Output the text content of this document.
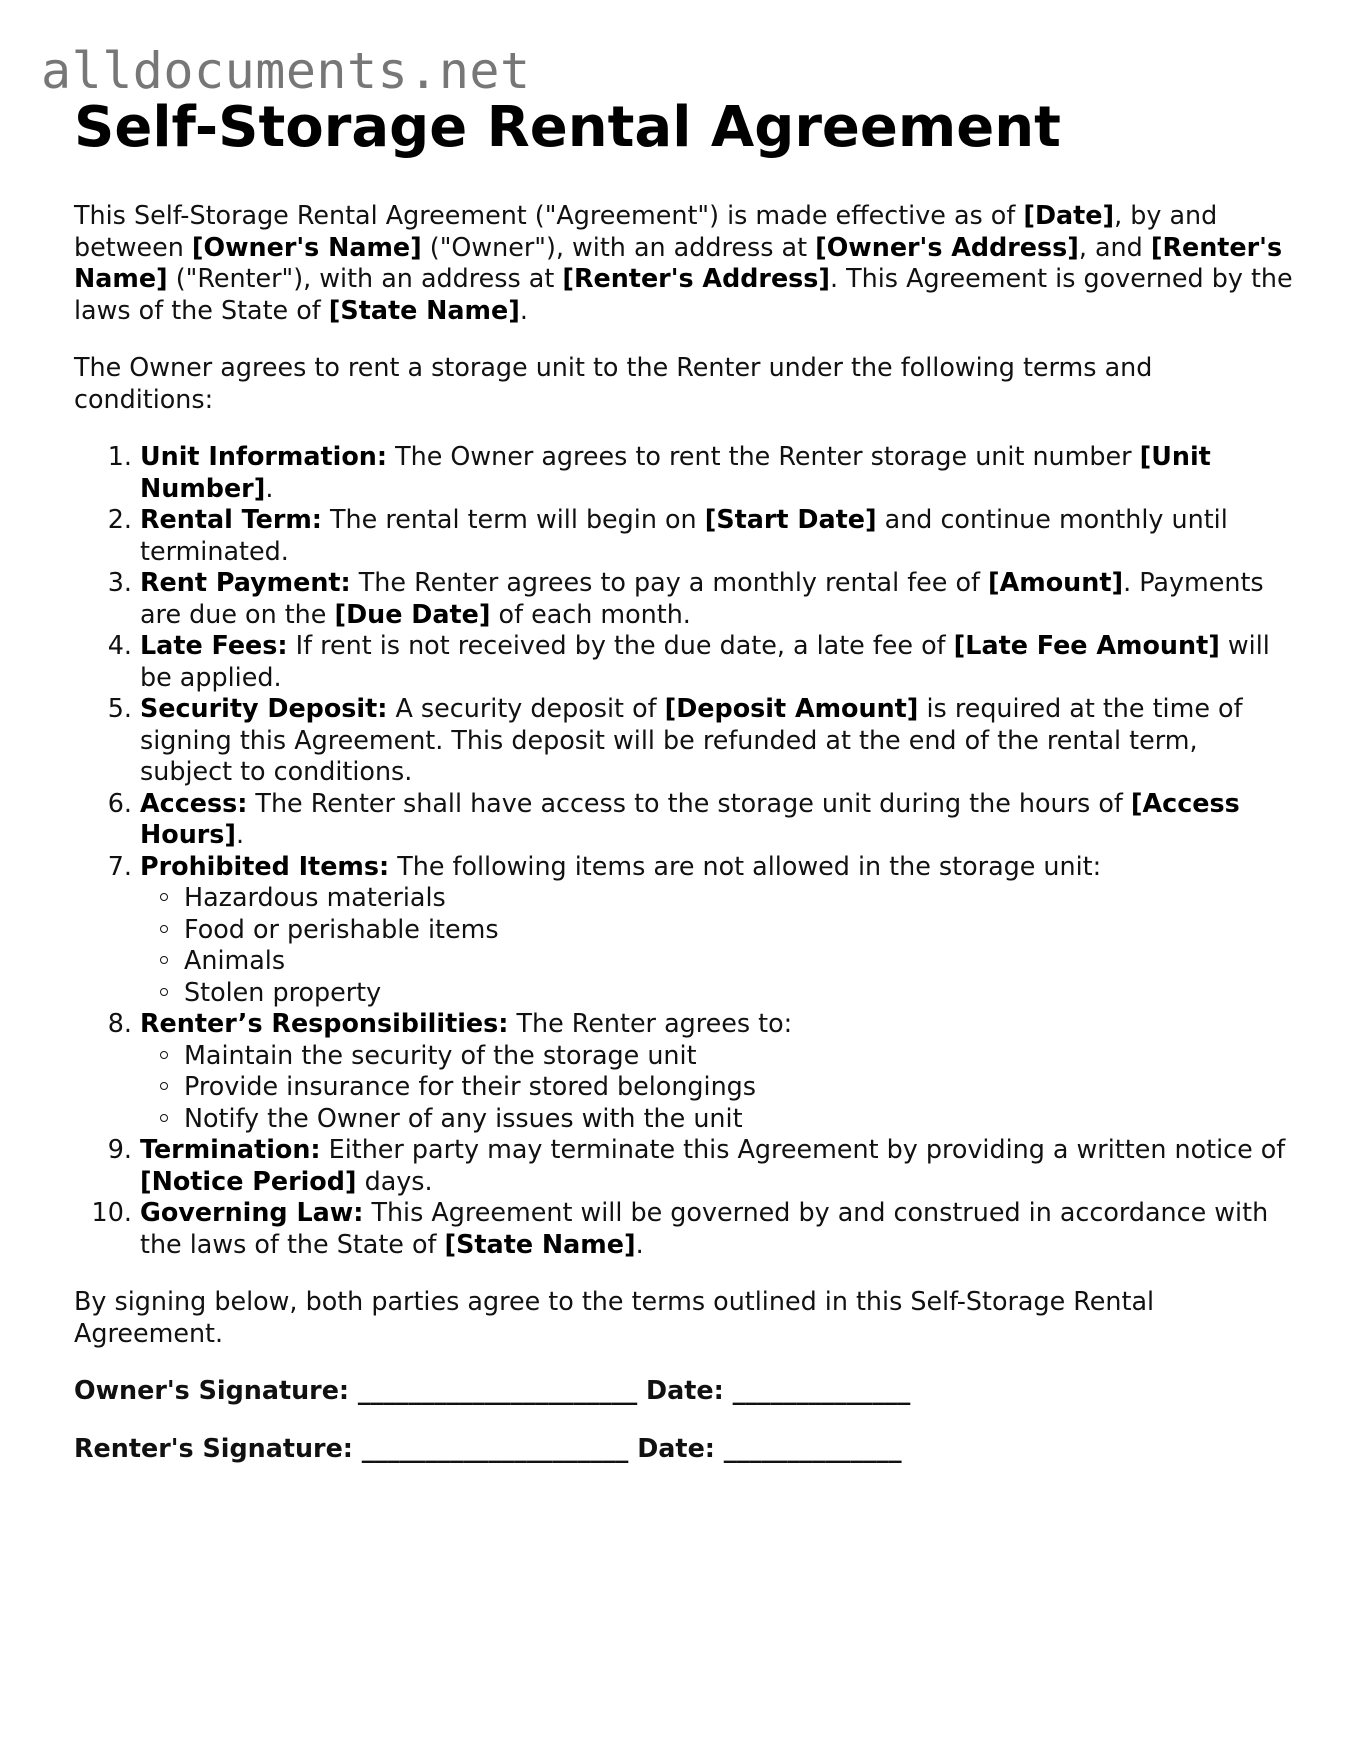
alldocuments.net
Self-Storage Rental Agreement

This Self-Storage Rental Agreement ("Agreement") is made effective as of [Date], by and between [Owner's Name] ("Owner"), with an address at [Owner's Address], and [Renter's Name] ("Renter"), with an address at [Renter's Address]. This Agreement is governed by the laws of the State of [State Name].

The Owner agrees to rent a storage unit to the Renter under the following terms and conditions:

1. Unit Information: The Owner agrees to rent the Renter storage unit number [Unit Number].
2. Rental Term: The rental term will begin on [Start Date] and continue monthly until terminated.
3. Rent Payment: The Renter agrees to pay a monthly rental fee of [Amount]. Payments are due on the [Due Date] of each month.
4. Late Fees: If rent is not received by the due date, a late fee of [Late Fee Amount] will be applied.
5. Security Deposit: A security deposit of [Deposit Amount] is required at the time of signing this Agreement. This deposit will be refunded at the end of the rental term, subject to conditions.
6. Access: The Renter shall have access to the storage unit during the hours of [Access Hours].
7. Prohibited Items: The following items are not allowed in the storage unit:
Hazardous materials
Food or perishable items
Animals
Stolen property
8. Renter’s Responsibilities: The Renter agrees to:
Maintain the security of the storage unit
Provide insurance for their stored belongings
Notify the Owner of any issues with the unit
9. Termination: Either party may terminate this Agreement by providing a written notice of [Notice Period] days.
10. Governing Law: This Agreement will be governed by and construed in accordance with the laws of the State of [State Name].

By signing below, both parties agree to the terms outlined in this Self-Storage Rental Agreement.

Owner's Signature: ______________________ Date: ______________

Renter's Signature: _____________________ Date: ______________
